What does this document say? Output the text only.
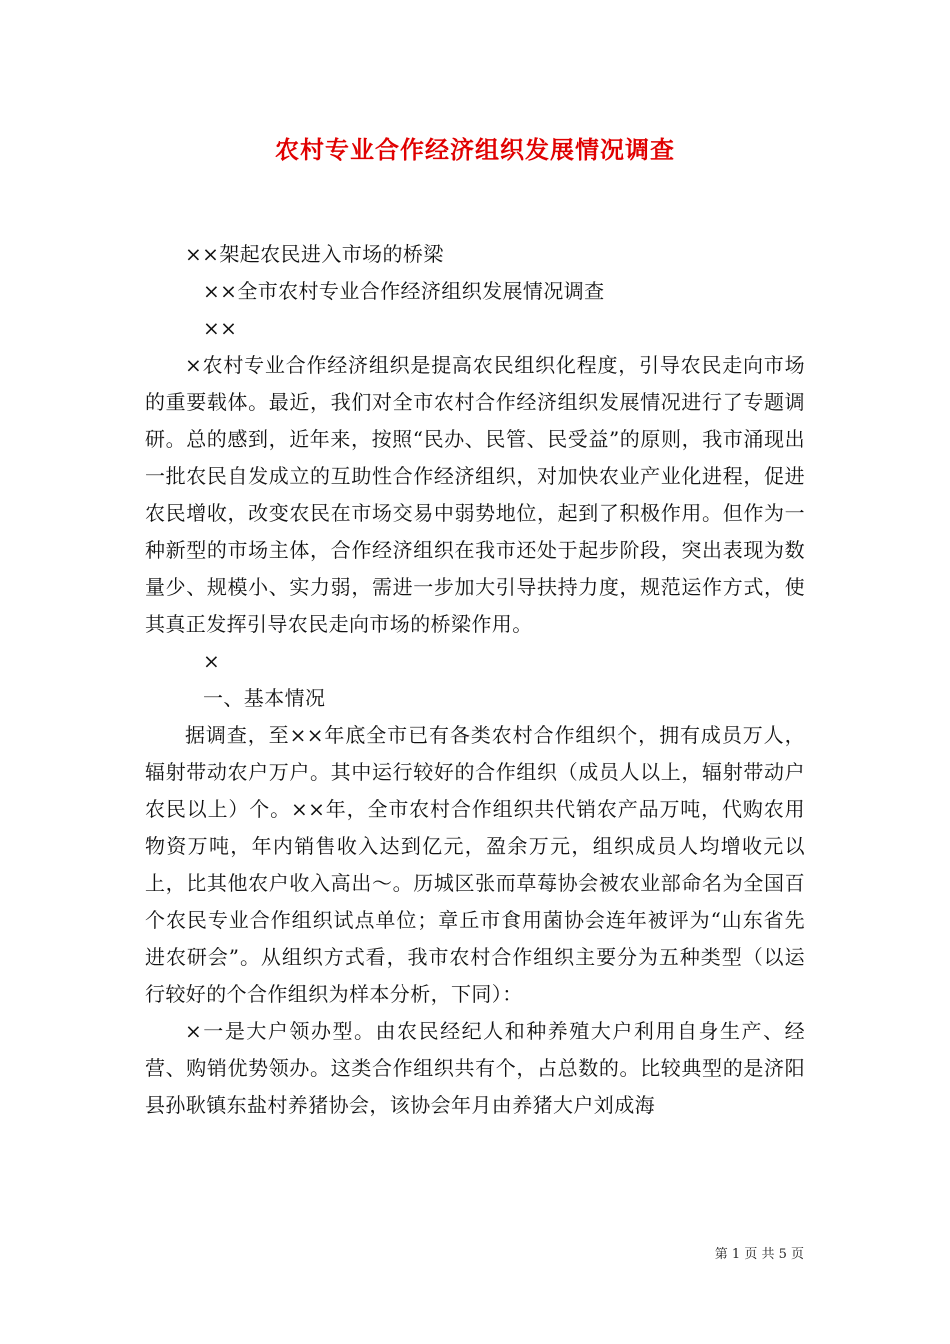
农村专业合作经济组织发展情况调查

××架起农民进入市场的桥梁

××全市农村专业合作经济组织发展情况调查

××

×农村专业合作经济组织是提高农民组织化程度，引导农民走向市场的重要载体。最近，我们对全市农村合作经济组织发展情况进行了专题调研。总的感到，近年来，按照“民办、民管、民受益”的原则，我市涌现出一批农民自发成立的互助性合作经济组织，对加快农业产业化进程，促进农民增收，改变农民在市场交易中弱势地位，起到了积极作用。但作为一种新型的市场主体，合作经济组织在我市还处于起步阶段，突出表现为数量少、规模小、实力弱，需进一步加大引导扶持力度，规范运作方式，使其真正发挥引导农民走向市场的桥梁作用。

×

一、基本情况

据调查，至××年底全市已有各类农村合作组织个，拥有成员万人，辐射带动农户万户。其中运行较好的合作组织（成员人以上，辐射带动户农民以上）个。××年，全市农村合作组织共代销农产品万吨，代购农用物资万吨，年内销售收入达到亿元，盈余万元，组织成员人均增收元以上，比其他农户收入高出～。历城区张而草莓协会被农业部命名为全国百个农民专业合作组织试点单位；章丘市食用菌协会连年被评为“山东省先进农研会”。从组织方式看，我市农村合作组织主要分为五种类型（以运行较好的个合作组织为样本分析，下同）：

×一是大户领办型。由农民经纪人和种养殖大户利用自身生产、经营、购销优势领办。这类合作组织共有个，占总数的。比较典型的是济阳县孙耿镇东盐村养猪协会，该协会年月由养猪大户刘成海

第 1 页 共 5 页
